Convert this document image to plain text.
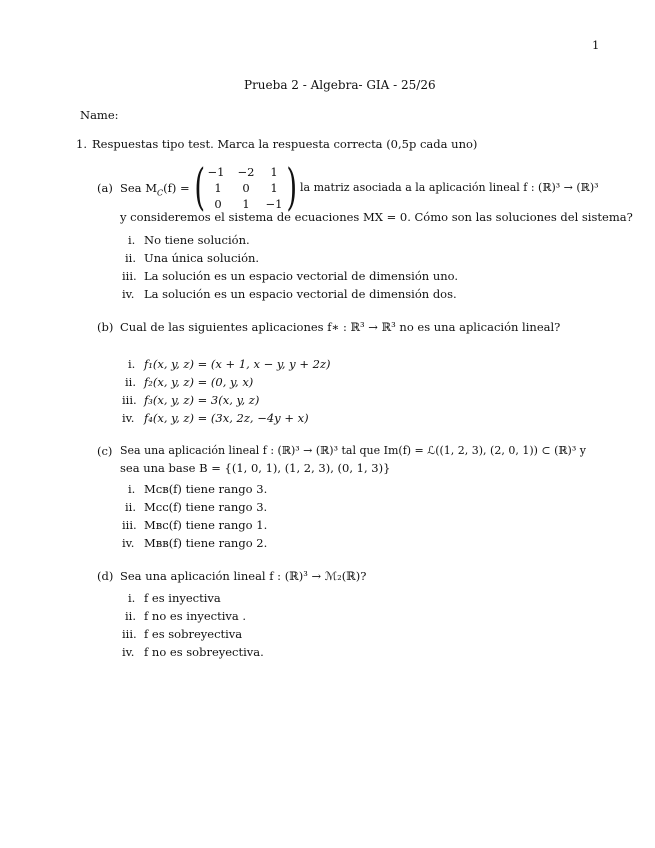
1
Prueba 2 - Algebra- GIA - 25/26
Name:
1. Respuestas tipo test. Marca la respuesta correcta (0,5p cada uno)
(a) Sea $M_C(f)$ = ( )
−1	−2	1
1	0	1
0	1	−1
la matriz asociada a la aplicación lineal f : (ℝ)³ → (ℝ)³
y consideremos el sistema de ecuaciones MX = 0. Cómo son las soluciones del sistema?
i. No tiene solución.
ii. Una única solución.
iii. La solución es un espacio vectorial de dimensión uno.
iv. La solución es un espacio vectorial de dimensión dos.
(b) Cual de las siguientes aplicaciones f∗ : ℝ³ → ℝ³ no es una aplicación lineal?
i. f₁(x, y, z) = (x + 1, x − y, y + 2z)
ii. f₂(x, y, z) = (0, y, x)
iii. f₃(x, y, z) = 3(x, y, z)
iv. f₄(x, y, z) = (3x, 2z, −4y + x)
(c) Sea una aplicación lineal f : (ℝ)³ → (ℝ)³ tal que Im(f) = ℒ((1, 2, 3), (2, 0, 1)) ⊂ (ℝ)³ y
sea una base B = {(1, 0, 1), (1, 2, 3), (0, 1, 3)}
i. Mᴄʙ(f) tiene rango 3.
ii. Mᴄᴄ(f) tiene rango 3.
iii. Mʙᴄ(f) tiene rango 1.
iv. Mʙʙ(f) tiene rango 2.
(d) Sea una aplicación lineal f : (ℝ)³ → ℳ₂(ℝ)?
i. f es inyectiva
ii. f no es inyectiva .
iii. f es sobreyectiva
iv. f no es sobreyectiva.
